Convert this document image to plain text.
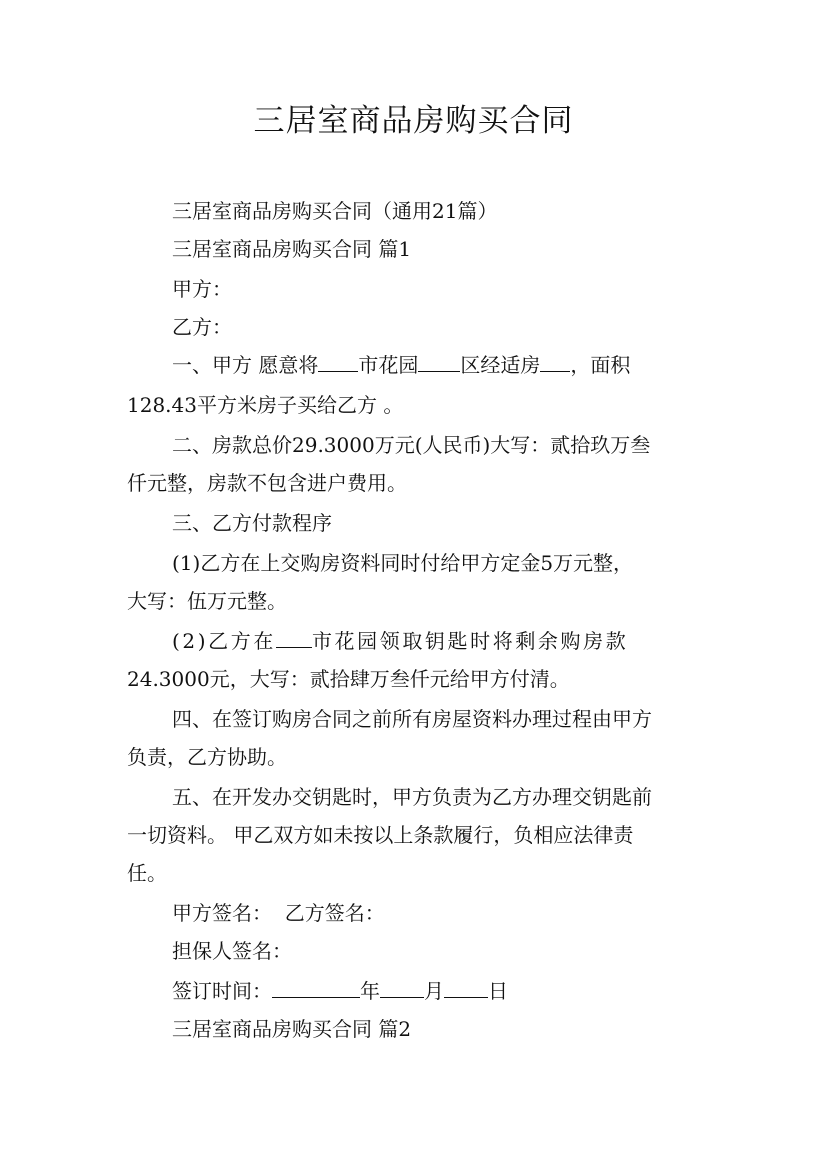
三居室商品房购买合同
三居室商品房购买合同（通用21篇）
三居室商品房购买合同 篇1
甲方：
乙方：
一、甲方 愿意将 市花园 区经适房 ，面积
128.43平方米房子买给乙方 。
二、房款总价29.3000万元(人民币)大写：贰拾玖万叁
仟元整，房款不包含进户费用。
三、乙方付款程序
(1)乙方在上交购房资料同时付给甲方定金5万元整，
大写：伍万元整。
(2)乙方在 市花园领取钥匙时将剩余购房款
24.3000元，大写：贰拾肆万叁仟元给甲方付清。
四、在签订购房合同之前所有房屋资料办理过程由甲方
负责，乙方协助。
五、在开发办交钥匙时，甲方负责为乙方办理交钥匙前
一切资料。 甲乙双方如未按以上条款履行，负相应法律责
任。
甲方签名：  乙方签名：
担保人签名：
签订时间：	年 月 日
三居室商品房购买合同 篇2
